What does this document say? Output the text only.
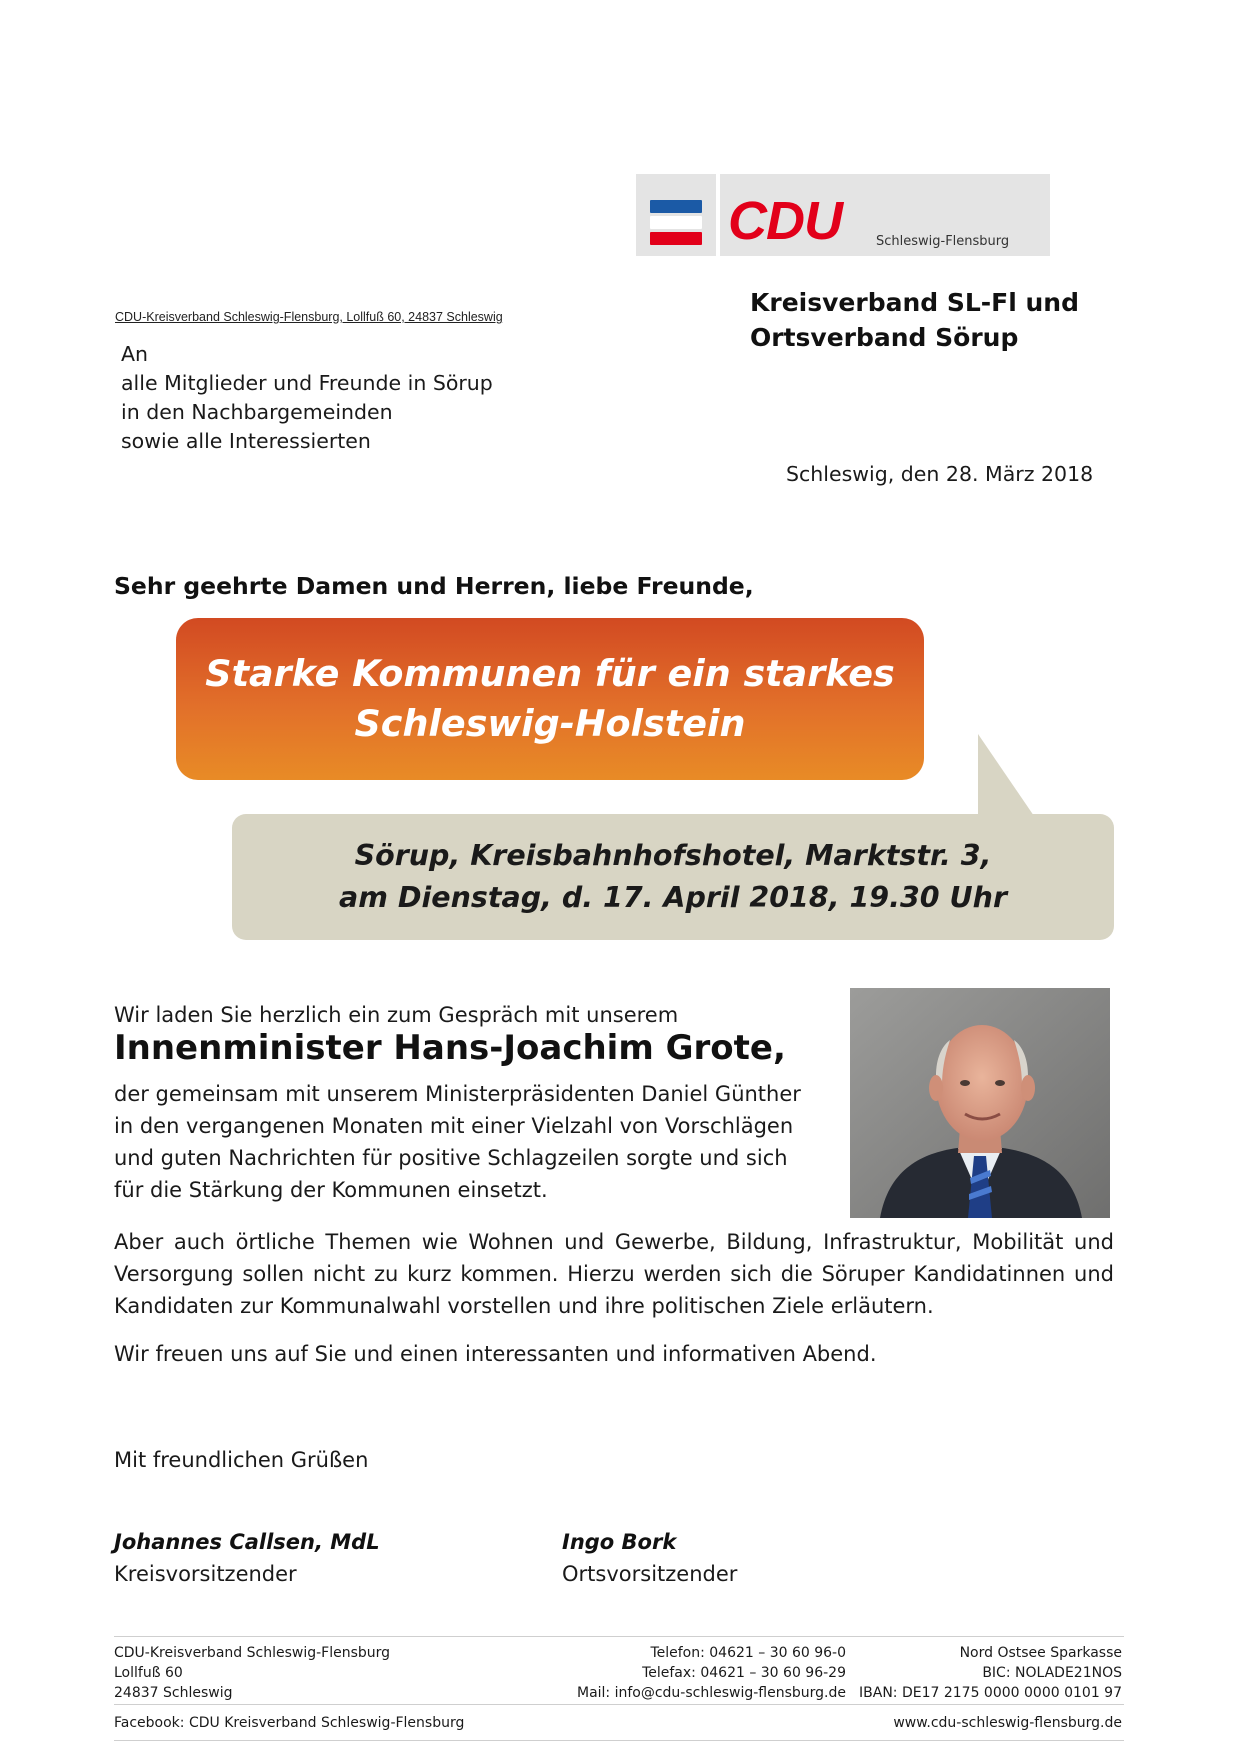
CDU	Schleswig-Flensburg
CDU-Kreisverband Schleswig-Flensburg, Lollfuß 60, 24837 Schleswig	Kreisverband SL-Fl und
Ortsverband Sörup
An
alle Mitglieder und Freunde in Sörup
in den Nachbargemeinden
sowie alle Interessierten
Schleswig, den 28. März 2018
Sehr geehrte Damen und Herren, liebe Freunde,
Starke Kommunen für ein starkes
Schleswig-Holstein
Sörup, Kreisbahnhofshotel, Marktstr. 3,
am Dienstag, d. 17. April 2018, 19.30 Uhr
Wir laden Sie herzlich ein zum Gespräch mit unserem
Innenminister Hans-Joachim Grote,
der gemeinsam mit unserem Ministerpräsidenten Daniel Günther
in den vergangenen Monaten mit einer Vielzahl von Vorschlägen
und guten Nachrichten für positive Schlagzeilen sorgte und sich
für die Stärkung der Kommunen einsetzt.
Aber auch örtliche Themen wie Wohnen und Gewerbe, Bildung, Infrastruktur, Mobilität und Versorgung sollen nicht zu kurz kommen. Hierzu werden sich die Söruper Kandidatinnen und Kandidaten zur Kommunalwahl vorstellen und ihre politischen Ziele erläutern.
Wir freuen uns auf Sie und einen interessanten und informativen Abend.
Mit freundlichen Grüßen
Johannes Callsen, MdL
Kreisvorsitzender
Ingo Bork
Ortsvorsitzender
CDU-Kreisverband Schleswig-Flensburg
Lollfuß 60
24837 Schleswig
Telefon: 04621 – 30 60 96-0
Telefax: 04621 – 30 60 96-29
Mail: info@cdu-schleswig-flensburg.de
Nord Ostsee Sparkasse
BIC: NOLADE21NOS
IBAN: DE17 2175 0000 0000 0101 97
Facebook: CDU Kreisverband Schleswig-Flensburg	www.cdu-schleswig-flensburg.de
